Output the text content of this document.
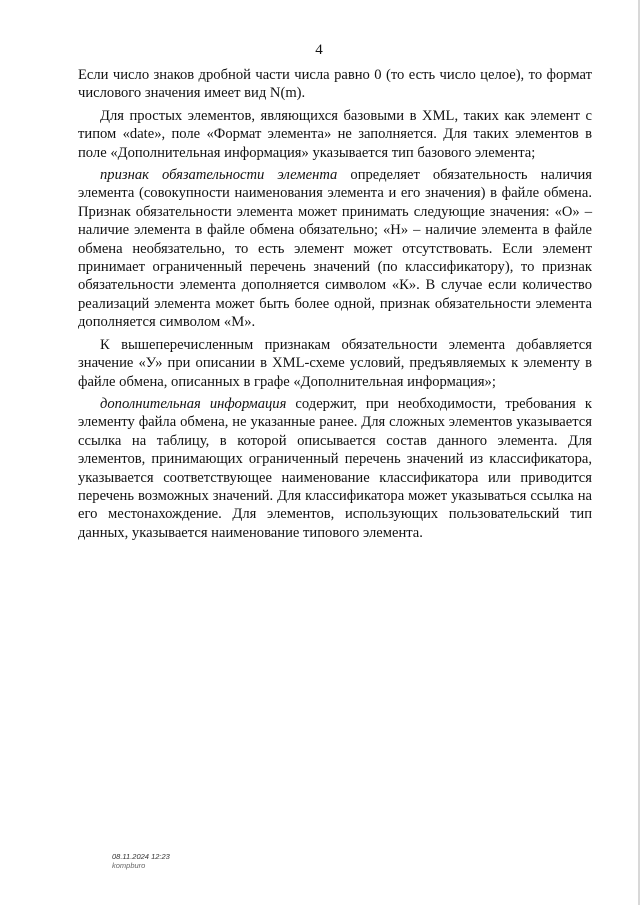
4

Если число знаков дробной части числа равно 0 (то есть число целое), то формат числового значения имеет вид N(m).

Для простых элементов, являющихся базовыми в XML, таких как элемент с типом «date», поле «Формат элемента» не заполняется. Для таких элементов в поле «Дополнительная информация» указывается тип базового элемента;

признак обязательности элемента определяет обязательность наличия элемента (совокупности наименования элемента и его значения) в файле обмена. Признак обязательности элемента может принимать следующие значения: «О» – наличие элемента в файле обмена обязательно; «Н» – наличие элемента в файле обмена необязательно, то есть элемент может отсутствовать. Если элемент принимает ограниченный перечень значений (по классификатору), то признак обязательности элемента дополняется символом «К». В случае если количество реализаций элемента может быть более одной, признак обязательности элемента дополняется символом «М».

К вышеперечисленным признакам обязательности элемента добавляется значение «У» при описании в XML-схеме условий, предъявляемых к элементу в файле обмена, описанных в графе «Дополнительная информация»;

дополнительная информация содержит, при необходимости, требования к элементу файла обмена, не указанные ранее. Для сложных элементов указывается ссылка на таблицу, в которой описывается состав данного элемента. Для элементов, принимающих ограниченный перечень значений из классификатора, указывается соответствующее наименование классификатора или приводится перечень возможных значений. Для классификатора может указываться ссылка на его местонахождение. Для элементов, использующих пользовательский тип данных, указывается наименование типового элемента.

08.11.2024 12:23
kompburo
